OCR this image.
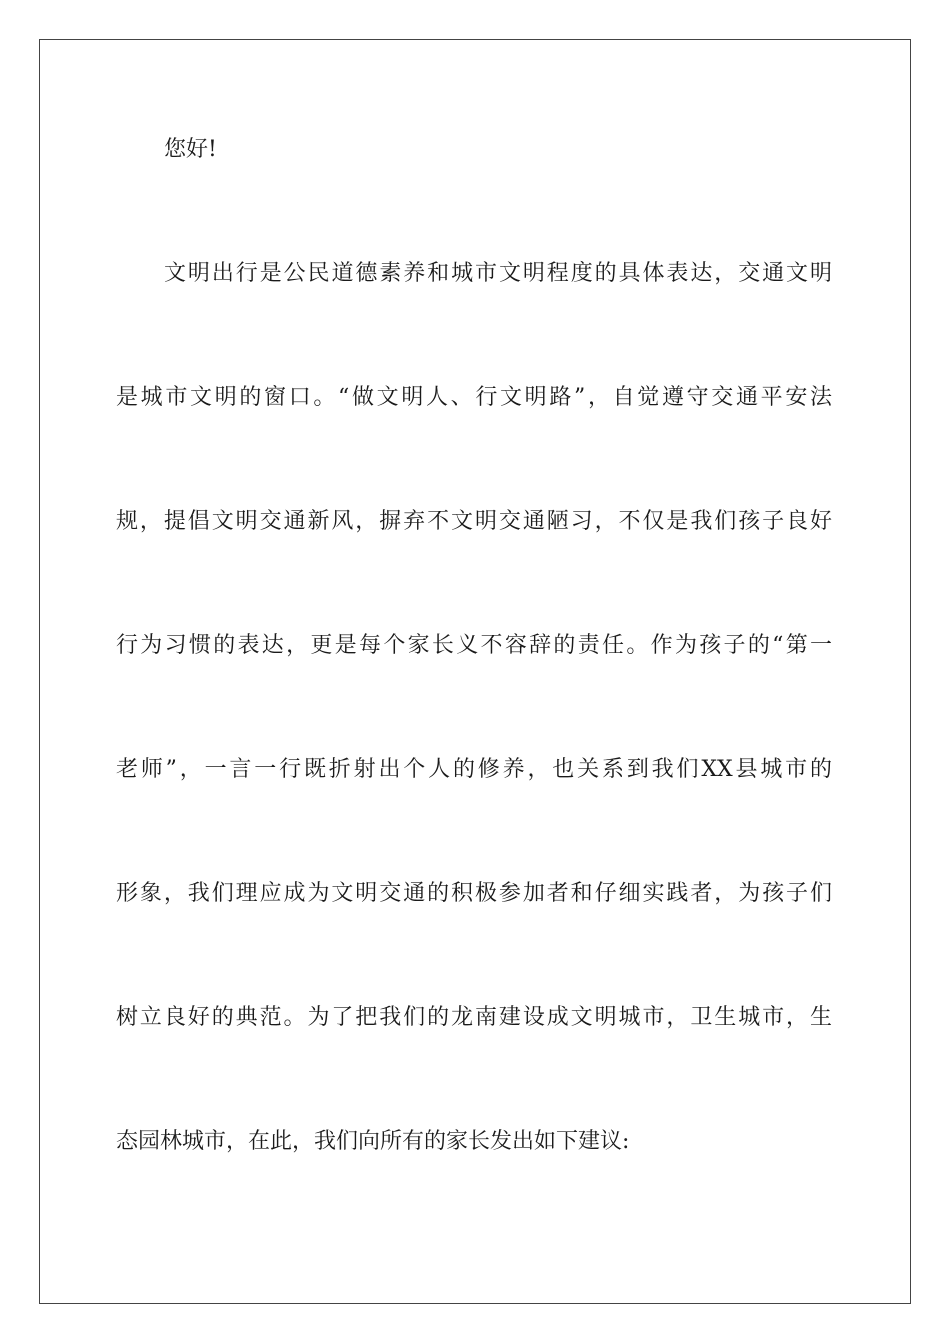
您好!
文明出行是公民道德素养和城市文明程度的具体表达，交通文明
是城市文明的窗口。“做文明人、行文明路”，自觉遵守交通平安法
规，提倡文明交通新风，摒弃不文明交通陋习，不仅是我们孩子良好
行为习惯的表达，更是每个家长义不容辞的责任。作为孩子的“第一
老师”，一言一行既折射出个人的修养，也关系到我们XX县城市的
形象，我们理应成为文明交通的积极参加者和仔细实践者，为孩子们
树立良好的典范。为了把我们的龙南建设成文明城市，卫生城市，生
态园林城市，在此，我们向所有的家长发出如下建议:
